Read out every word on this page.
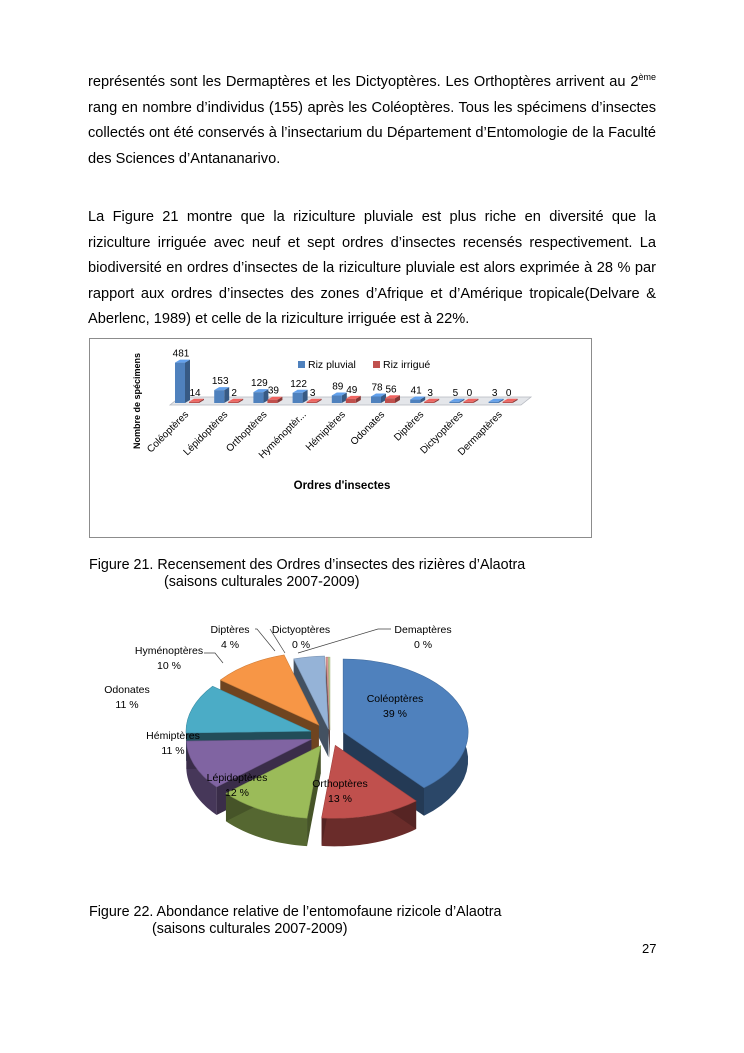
représentés sont les Dermaptères et les Dictyoptères. Les Orthoptères arrivent au 2ème rang en nombre d’individus (155) après les Coléoptères. Tous les spécimens d’insectes collectés ont été conservés à l’insectarium du Département d’Entomologie de la Faculté des Sciences d’Antananarivo.

La Figure 21 montre que la riziculture pluviale est plus riche en diversité que la riziculture irriguée avec neuf et sept ordres d’insectes recensés respectivement. La biodiversité en ordres d’insectes de la riziculture pluviale est alors exprimée à 28 % par rapport aux ordres d’insectes des zones d’Afrique et d’Amérique tropicale(Delvare & Aberlenc, 1989) et celle de la riziculture irriguée est à 22%.

481
14
Coléoptères
153
2
Lépidoptères
129
39
Orthoptères
122
3
Hyménoptèr...
89 49
Hémiptères
78 56
Odonates
41 3
Diptères
5 0
Dictyoptères
3 0
Dermaptères
Nombre de spécimens
Ordres d'insectes
Riz pluvial	Riz irrigué

Figure 21. Recensement des Ordres d’insectes des rizières d’Alaotra

(saisons culturales 2007-2009)

Coléoptères
39 %
Orthoptères
13 %
Lépidoptères
12 %
Hémiptères
11 %
Odonates
11 %
Hyménoptères
10 %
Diptères
4 %
Dictyoptères
0 %
Demaptères
0 %

Figure 22. Abondance relative de l’entomofaune rizicole d’Alaotra

(saisons culturales 2007-2009)

27
